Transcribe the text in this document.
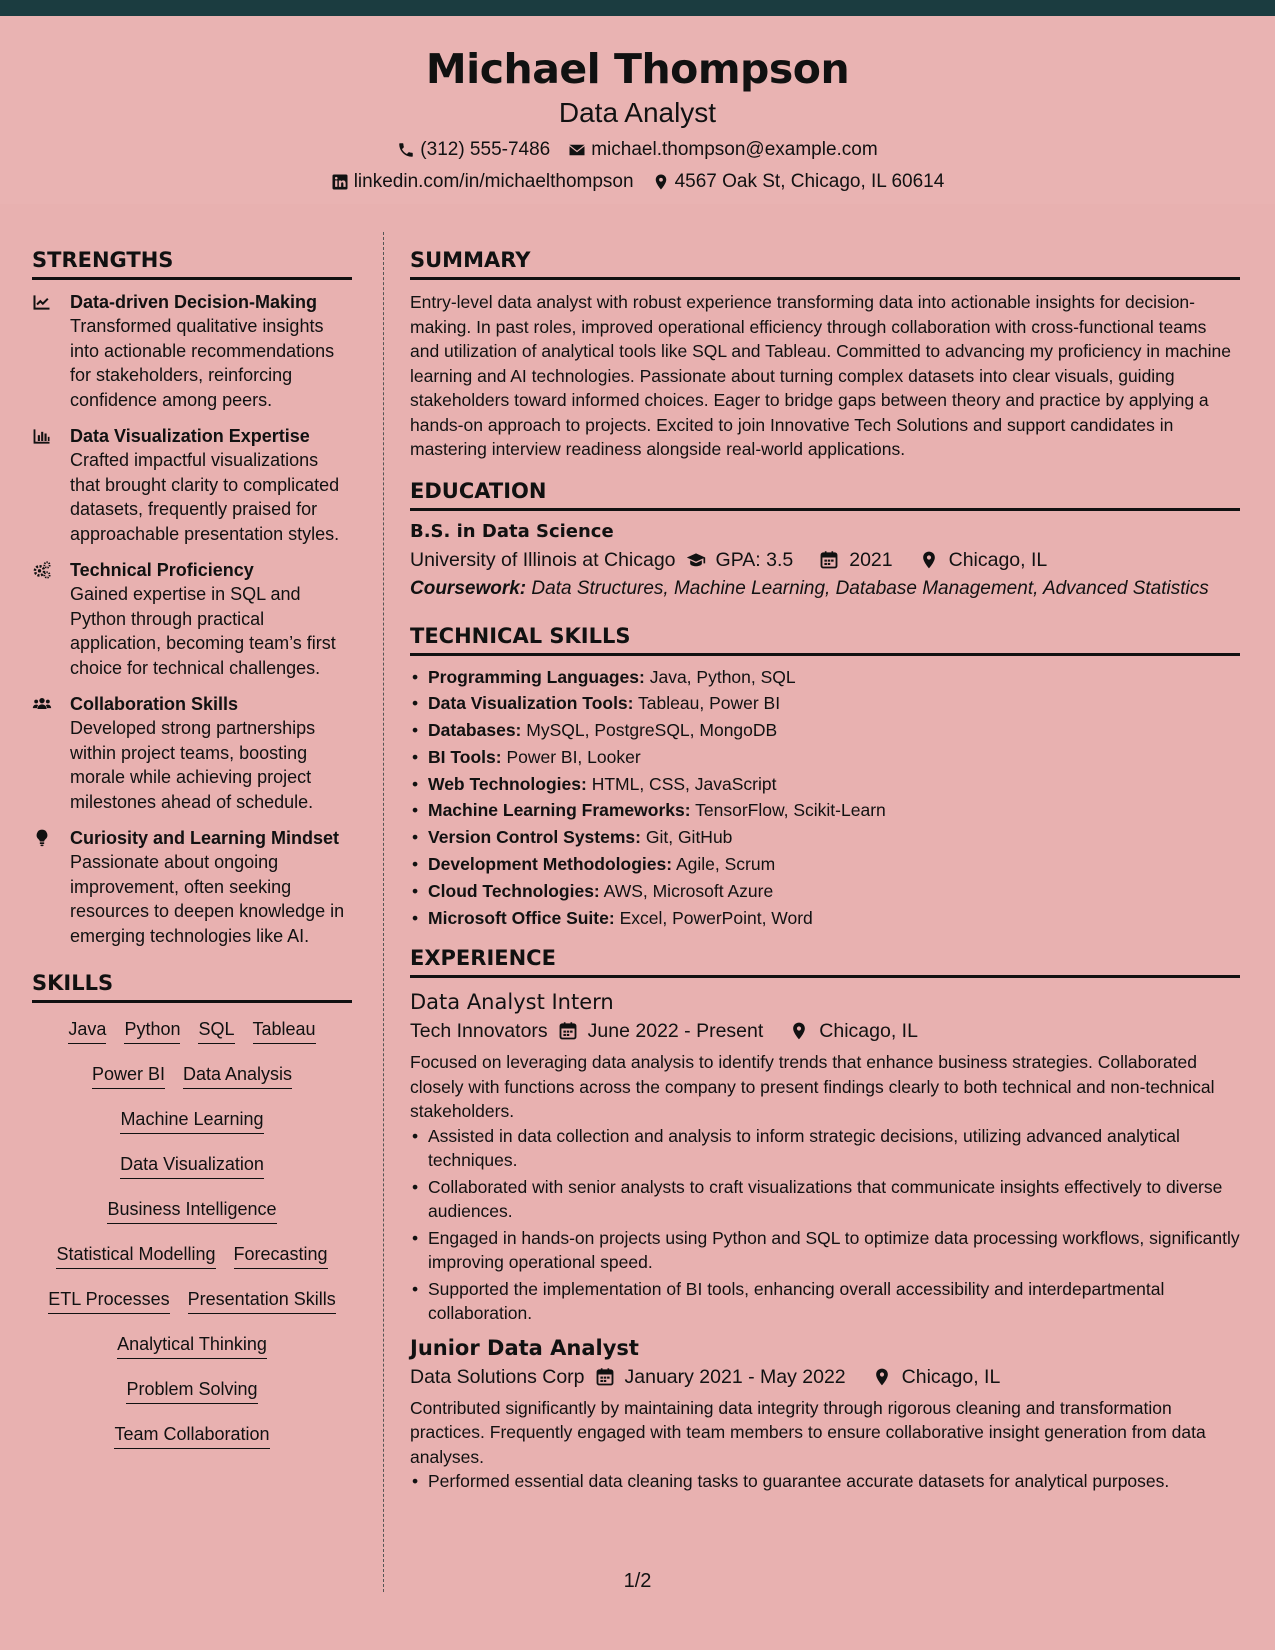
Michael Thompson
Data Analyst
(312) 555-7486 michael.thompson@example.com
linkedin.com/in/michaelthompson 4567 Oak St, Chicago, IL 60614
STRENGTHS
Data-driven Decision-Making
Transformed qualitative insights into actionable recommendations for stakeholders, reinforcing confidence among peers.
Data Visualization Expertise
Crafted impactful visualizations that brought clarity to complicated datasets, frequently praised for approachable presentation styles.
Technical Proficiency
Gained expertise in SQL and Python through practical application, becoming team’s first choice for technical challenges.
Collaboration Skills
Developed strong partnerships within project teams, boosting morale while achieving project milestones ahead of schedule.
Curiosity and Learning Mindset
Passionate about ongoing improvement, often seeking resources to deepen knowledge in emerging technologies like AI.
SKILLS
Java Python SQL Tableau
Power BI Data Analysis
Machine Learning
Data Visualization
Business Intelligence
Statistical Modelling Forecasting
ETL Processes Presentation Skills
Analytical Thinking
Problem Solving
Team Collaboration
SUMMARY
Entry-level data analyst with robust experience transforming data into actionable insights for decision-making. In past roles, improved operational efficiency through collaboration with cross-functional teams and utilization of analytical tools like SQL and Tableau. Committed to advancing my proficiency in machine learning and AI technologies. Passionate about turning complex datasets into clear visuals, guiding stakeholders toward informed choices. Eager to bridge gaps between theory and practice by applying a hands-on approach to projects. Excited to join Innovative Tech Solutions and support candidates in mastering interview readiness alongside real-world applications.
EDUCATION
B.S. in Data Science
University of Illinois at Chicago GPA: 3.5	2021	Chicago, IL
Coursework: Data Structures, Machine Learning, Database Management, Advanced Statistics
TECHNICAL SKILLS
• Programming Languages: Java, Python, SQL
• Data Visualization Tools: Tableau, Power BI
• Databases: MySQL, PostgreSQL, MongoDB
• BI Tools: Power BI, Looker
• Web Technologies: HTML, CSS, JavaScript
• Machine Learning Frameworks: TensorFlow, Scikit-Learn
• Version Control Systems: Git, GitHub
• Development Methodologies: Agile, Scrum
• Cloud Technologies: AWS, Microsoft Azure
• Microsoft Office Suite: Excel, PowerPoint, Word
EXPERIENCE
Data Analyst Intern
Tech Innovators June 2022 - Present	Chicago, IL
Focused on leveraging data analysis to identify trends that enhance business strategies. Collaborated closely with functions across the company to present findings clearly to both technical and non-technical stakeholders.
• Assisted in data collection and analysis to inform strategic decisions, utilizing advanced analytical techniques.
• Collaborated with senior analysts to craft visualizations that communicate insights effectively to diverse audiences.
• Engaged in hands-on projects using Python and SQL to optimize data processing workflows, significantly improving operational speed.
• Supported the implementation of BI tools, enhancing overall accessibility and interdepartmental collaboration.
Junior Data Analyst
Data Solutions Corp January 2021 - May 2022	Chicago, IL
Contributed significantly by maintaining data integrity through rigorous cleaning and transformation practices. Frequently engaged with team members to ensure collaborative insight generation from data analyses.
• Performed essential data cleaning tasks to guarantee accurate datasets for analytical purposes.
1/2
